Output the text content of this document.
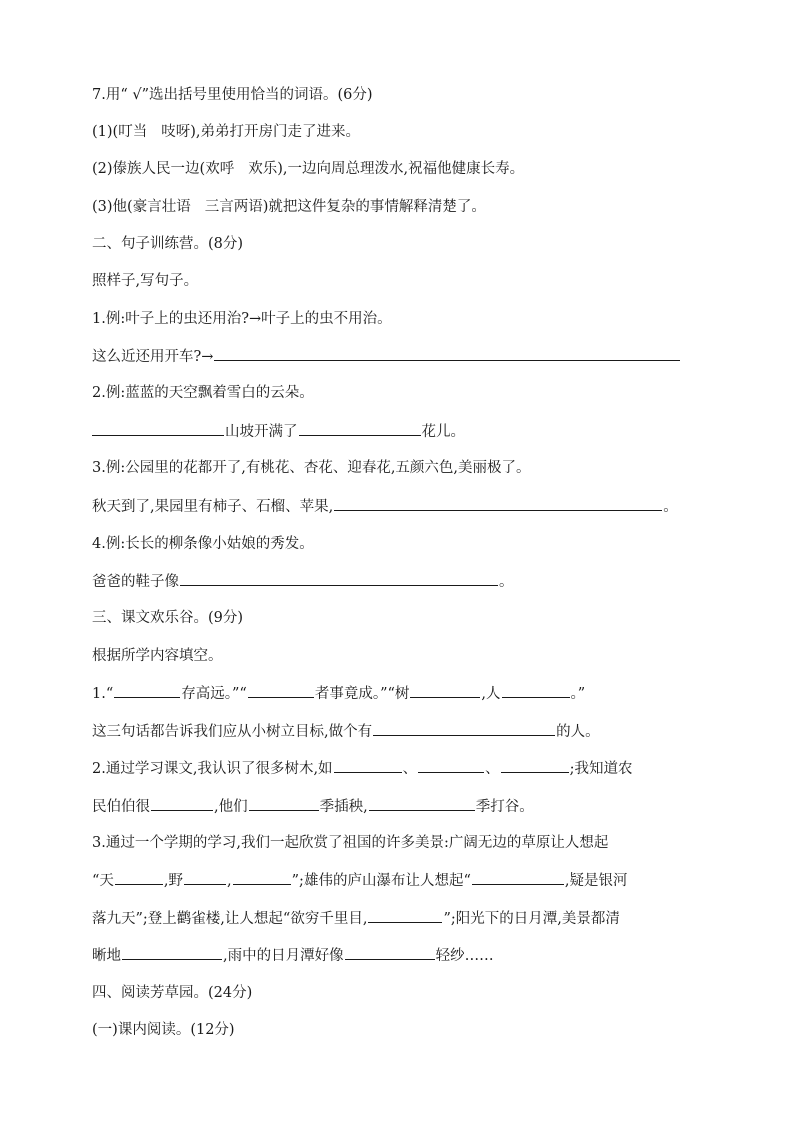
7.用“ √”选出括号里使用恰当的词语。(6分)
(1)(叮当 吱呀),弟弟打开房门走了进来。
(2)傣族人民一边(欢呼 欢乐),一边向周总理泼水,祝福他健康长寿。
(3)他(豪言壮语 三言两语)就把这件复杂的事情解释清楚了。
二、句子训练营。(8分)
照样子,写句子。
1.例:叶子上的虫还用治?→叶子上的虫不用治。
这么近还用开车?→
2.例:蓝蓝的天空飘着雪白的云朵。
山坡开满了	花儿。
3.例:公园里的花都开了,有桃花、杏花、迎春花,五颜六色,美丽极了。
秋天到了,果园里有柿子、石榴、苹果,	。
4.例:长长的柳条像小姑娘的秀发。
爸爸的鞋子像	。
三、课文欢乐谷。(9分)
根据所学内容填空。
1.“	存高远。”“	者事竟成。”“树	,人	。”
这三句话都告诉我们应从小树立目标,做个有	的人。
2.通过学习课文,我认识了很多树木,如	、	、	;我知道农
民伯伯很	,他们	季插秧,	季打谷。
3.通过一个学期的学习,我们一起欣赏了祖国的许多美景:广阔无边的草原让人想起
“天	,野	,	”;雄伟的庐山瀑布让人想起“	,疑是银河
落九天”;登上鹳雀楼,让人想起“欲穷千里目,	”;阳光下的日月潭,美景都清
晰地	,雨中的日月潭好像	轻纱……
四、阅读芳草园。(24分)
(一)课内阅读。(12分)
